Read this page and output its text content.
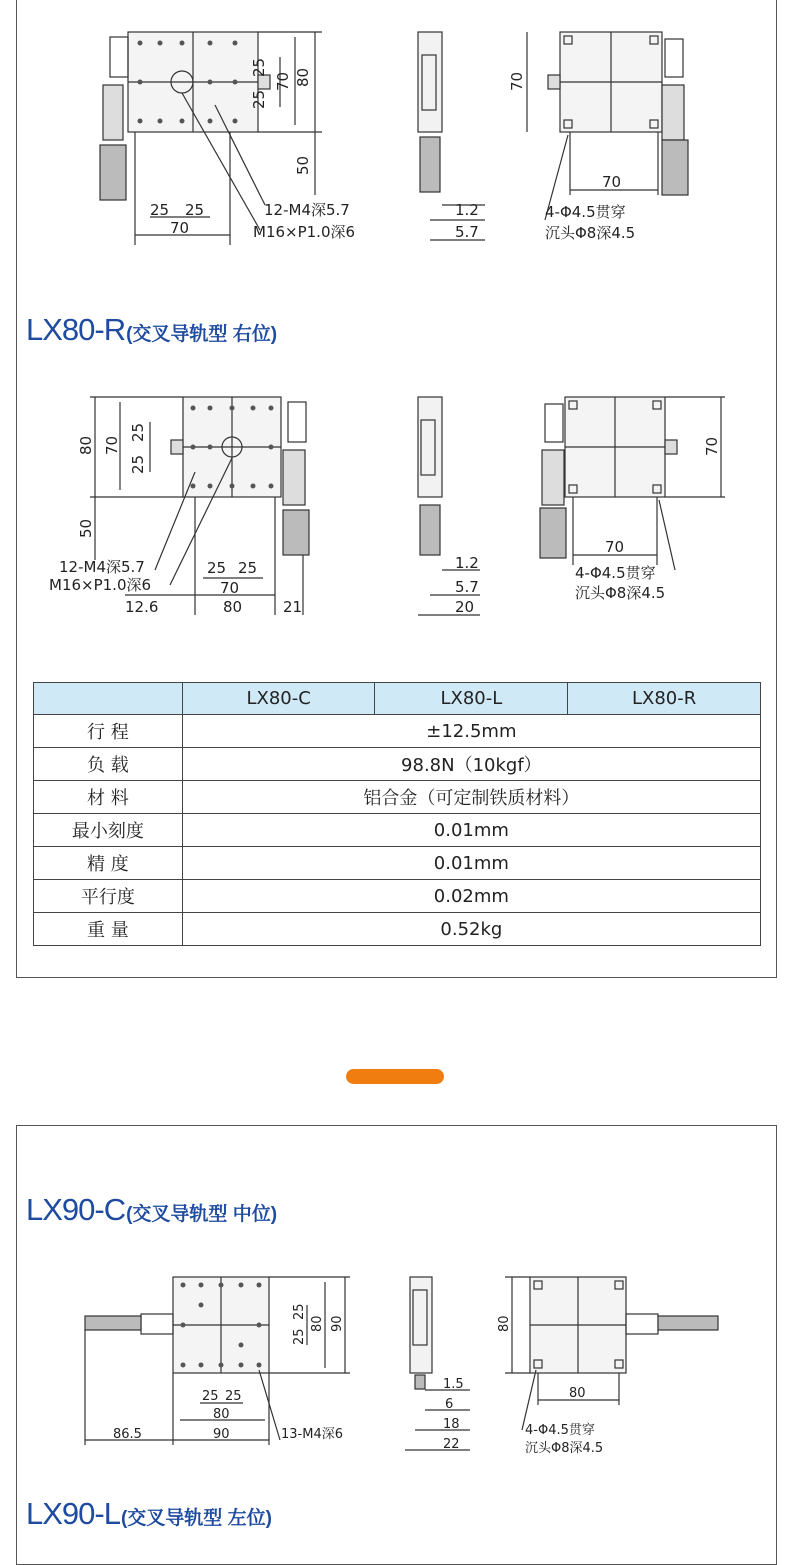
25 25
70
80
50
25
25
70
12-M4深5.7
M16×P1.0深6
1.2
5.7
70
70
4-Φ4.5贯穿
沉头Φ8深4.5
LX80-R(交叉导轨型 右位)
80 70
25
25
50
12-M4深5.7
M16×P1.0深6
25 25
70
12.6	80	21
1.2
5.7
20
70
70
4-Φ4.5贯穿
沉头Φ8深4.5
	LX80-C	LX80-L	LX80-R
行 程	±12.5mm		
负 载	98.8N（10kgf）		
材 料	铝合金（可定制铁质材料）		
最小刻度	0.01mm		
精 度	0.01mm		
平行度	0.02mm		
重 量	0.52kg		
LX90-C(交叉导轨型 中位)
25 25
80
90
25
25
80
86.5	90	13-M4深6
1.5
6
18
22
80
80
4-Φ4.5贯穿
沉头Φ8深4.5
LX90-L(交叉导轨型 左位)
